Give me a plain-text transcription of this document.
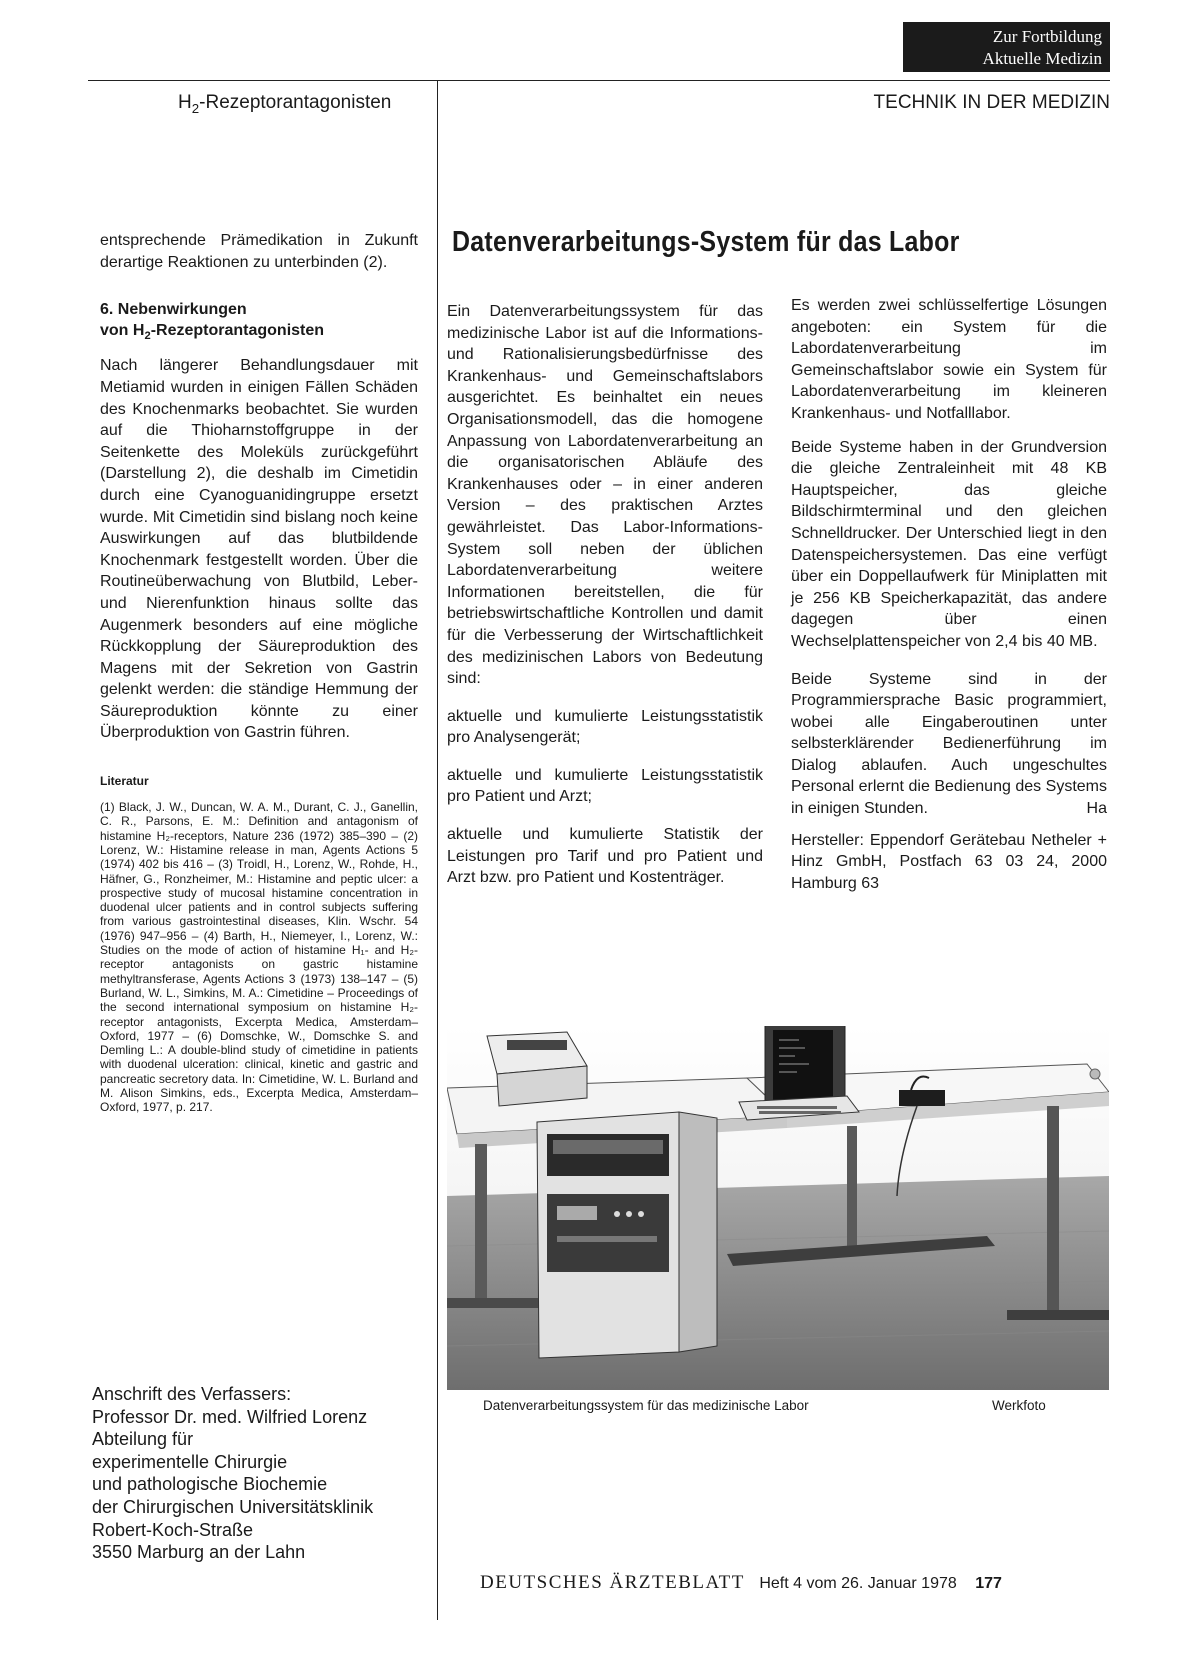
Zur Fortbildung
Aktuelle Medizin
$H_2$-Rezeptorantagonisten	TECHNIK IN DER MEDIZIN

entsprechende Prämedikation in Zukunft derartige Reaktionen zu unterbinden (2).

6. Nebenwirkungen
von $H_2$-Rezeptorantagonisten

Nach längerer Behandlungsdauer mit Metiamid wurden in einigen Fällen Schäden des Knochenmarks beobachtet. Sie wurden auf die Thioharnstoffgruppe in der Seitenkette des Moleküls zurückgeführt (Darstellung 2), die deshalb im Cimetidin durch eine Cyanoguanidingruppe ersetzt wurde. Mit Cimetidin sind bislang noch keine Auswirkungen auf das blutbildende Knochenmark festgestellt worden. Über die Routineüberwachung von Blutbild, Leber- und Nierenfunktion hinaus sollte das Augenmerk besonders auf eine mögliche Rückkopplung der Säureproduktion des Magens mit der Sekretion von Gastrin gelenkt werden: die ständige Hemmung der Säureproduktion könnte zu einer Überproduktion von Gastrin führen.

Literatur

(1) Black, J. W., Duncan, W. A. M., Durant, C. J., Ganellin, C. R., Parsons, E. M.: Definition and antagonism of histamine H₂-receptors, Nature 236 (1972) 385–390 – (2) Lorenz, W.: Histamine release in man, Agents Actions 5 (1974) 402 bis 416 – (3) Troidl, H., Lorenz, W., Rohde, H., Häfner, G., Ronzheimer, M.: Histamine and peptic ulcer: a prospective study of mucosal histamine concentration in duodenal ulcer patients and in control subjects suffering from various gastrointestinal diseases, Klin. Wschr. 54 (1976) 947–956 – (4) Barth, H., Niemeyer, I., Lorenz, W.: Studies on the mode of action of histamine H₁- and H₂-receptor antagonists on gastric histamine methyltransferase, Agents Actions 3 (1973) 138–147 – (5) Burland, W. L., Simkins, M. A.: Cimetidine – Proceedings of the second international symposium on histamine H₂-receptor antagonists, Excerpta Medica, Amsterdam–Oxford, 1977 – (6) Domschke, W., Domschke S. and Demling L.: A double-blind study of cimetidine in patients with duodenal ulceration: clinical, kinetic and gastric and pancreatic secretory data. In: Cimetidine, W. L. Burland and M. Alison Simkins, eds., Excerpta Medica, Amsterdam–Oxford, 1977, p. 217.

Anschrift des Verfassers:
Professor Dr. med. Wilfried Lorenz
Abteilung für
experimentelle Chirurgie
und pathologische Biochemie
der Chirurgischen Universitätsklinik
Robert-Koch-Straße
3550 Marburg an der Lahn
Datenverarbeitungs-System für das Labor

Ein Datenverarbeitungssystem für das medizinische Labor ist auf die Informations- und Rationalisierungsbedürfnisse des Krankenhaus- und Gemeinschaftslabors ausgerichtet. Es beinhaltet ein neues Organisationsmodell, das die homogene Anpassung von Labordatenverarbeitung an die organisatorischen Abläufe des Krankenhauses oder – in einer anderen Version – des praktischen Arztes gewährleistet. Das Labor-Informations-System soll neben der üblichen Labordatenverarbeitung weitere Informationen bereitstellen, die für betriebswirtschaftliche Kontrollen und damit für die Verbesserung der Wirtschaftlichkeit des medizinischen Labors von Bedeutung sind:

aktuelle und kumulierte Leistungsstatistik pro Analysengerät;

aktuelle und kumulierte Leistungsstatistik pro Patient und Arzt;

aktuelle und kumulierte Statistik der Leistungen pro Tarif und pro Patient und Arzt bzw. pro Patient und Kostenträger.

Es werden zwei schlüsselfertige Lösungen angeboten: ein System für die Labordatenverarbeitung im Gemeinschaftslabor sowie ein System für Labordatenverarbeitung im kleineren Krankenhaus- und Notfalllabor.

Beide Systeme haben in der Grundversion die gleiche Zentraleinheit mit 48 KB Hauptspeicher, das gleiche Bildschirmterminal und den gleichen Schnelldrucker. Der Unterschied liegt in den Datenspeichersystemen. Das eine verfügt über ein Doppellaufwerk für Miniplatten mit je 256 KB Speicherkapazität, das andere dagegen über einen Wechselplattenspeicher von 2,4 bis 40 MB.

Beide Systeme sind in der Programmiersprache Basic programmiert, wobei alle Eingaberoutinen unter selbsterklärender Bedienerführung im Dialog ablaufen. Auch ungeschultes Personal erlernt die Bedienung des Systems in einigen Stunden.	Ha

Hersteller: Eppendorf Gerätebau Netheler + Hinz GmbH, Postfach 63 03 24, 2000 Hamburg 63

Datenverarbeitungssystem für das medizinische Labor	Werkfoto
DEUTSCHES ÄRZTEBLATT Heft 4 vom 26. Januar 1978 177
